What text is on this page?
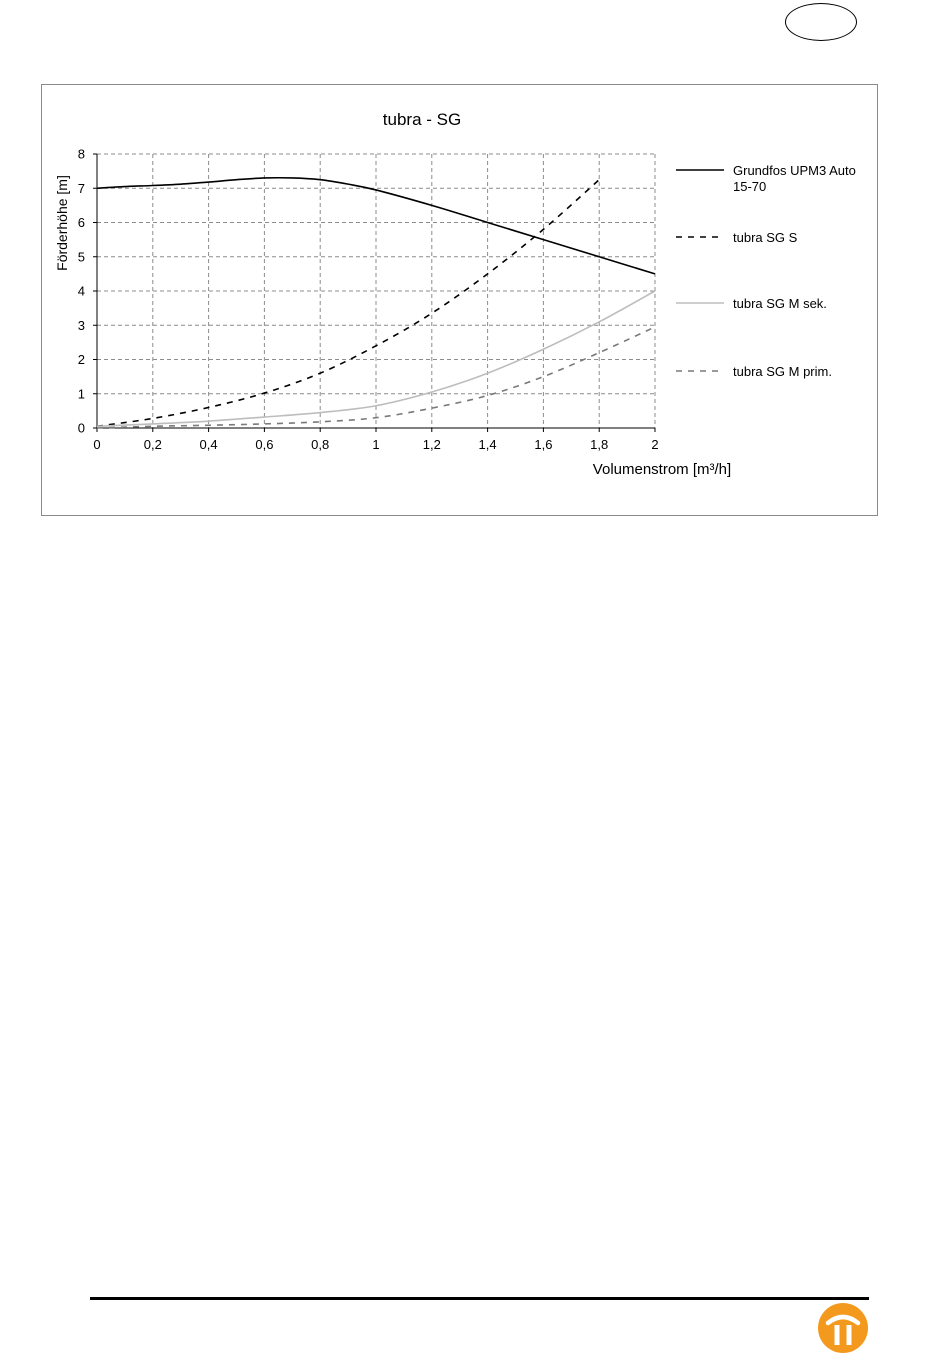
tubra - SG
Volumenstrom [m³/h]
Förderhöhe [m]
0	0,2	0,4	0,6	0,8	1	1,2	1,4	1,6	1,8	2
0
1
2
3
4
5
6
7
8
Grundfos UPM3 Auto 15-70
tubra SG S
tubra SG M sek.
tubra SG M prim.
